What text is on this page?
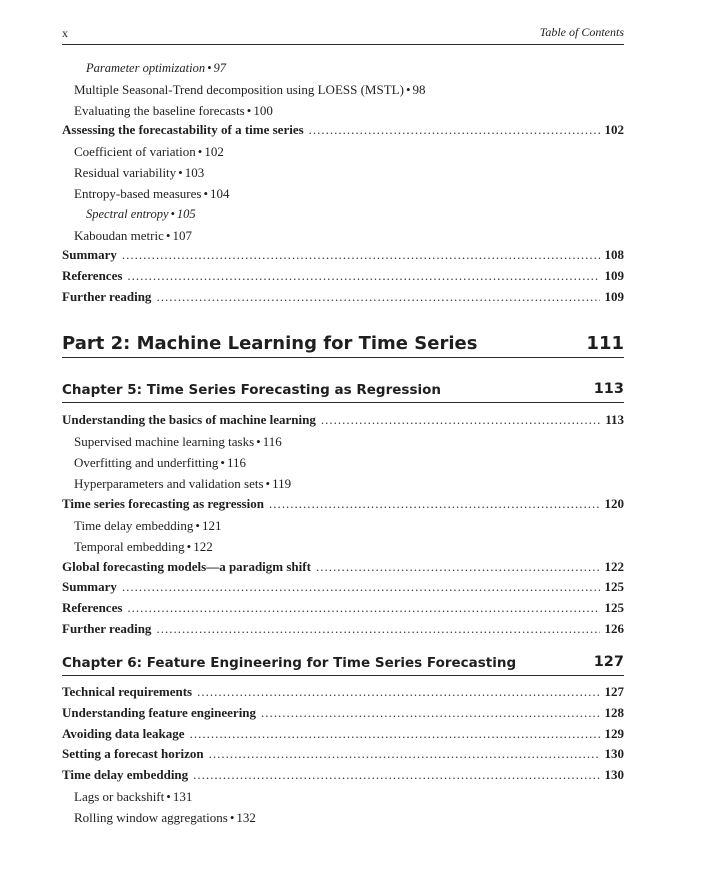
x	Table of Contents
Parameter optimization • 97
Multiple Seasonal-Trend decomposition using LOESS (MSTL) • 98
Evaluating the baseline forecasts • 100
Assessing the forecastability of a time series .....	102
Coefficient of variation • 102
Residual variability • 103
Entropy-based measures • 104
Spectral entropy • 105
Kaboudan metric • 107
Summary .....	108
References .....	109
Further reading .....	109
Part 2: Machine Learning for Time Series	111
Chapter 5: Time Series Forecasting as Regression	113
Understanding the basics of machine learning .....	113
Supervised machine learning tasks • 116
Overfitting and underfitting • 116
Hyperparameters and validation sets • 119
Time series forecasting as regression .....	120
Time delay embedding • 121
Temporal embedding • 122
Global forecasting models—a paradigm shift .....	122
Summary .....	125
References .....	125
Further reading .....	126
Chapter 6: Feature Engineering for Time Series Forecasting	127
Technical requirements .....	127
Understanding feature engineering .....	128
Avoiding data leakage .....	129
Setting a forecast horizon .....	130
Time delay embedding .....	130
Lags or backshift • 131
Rolling window aggregations • 132
